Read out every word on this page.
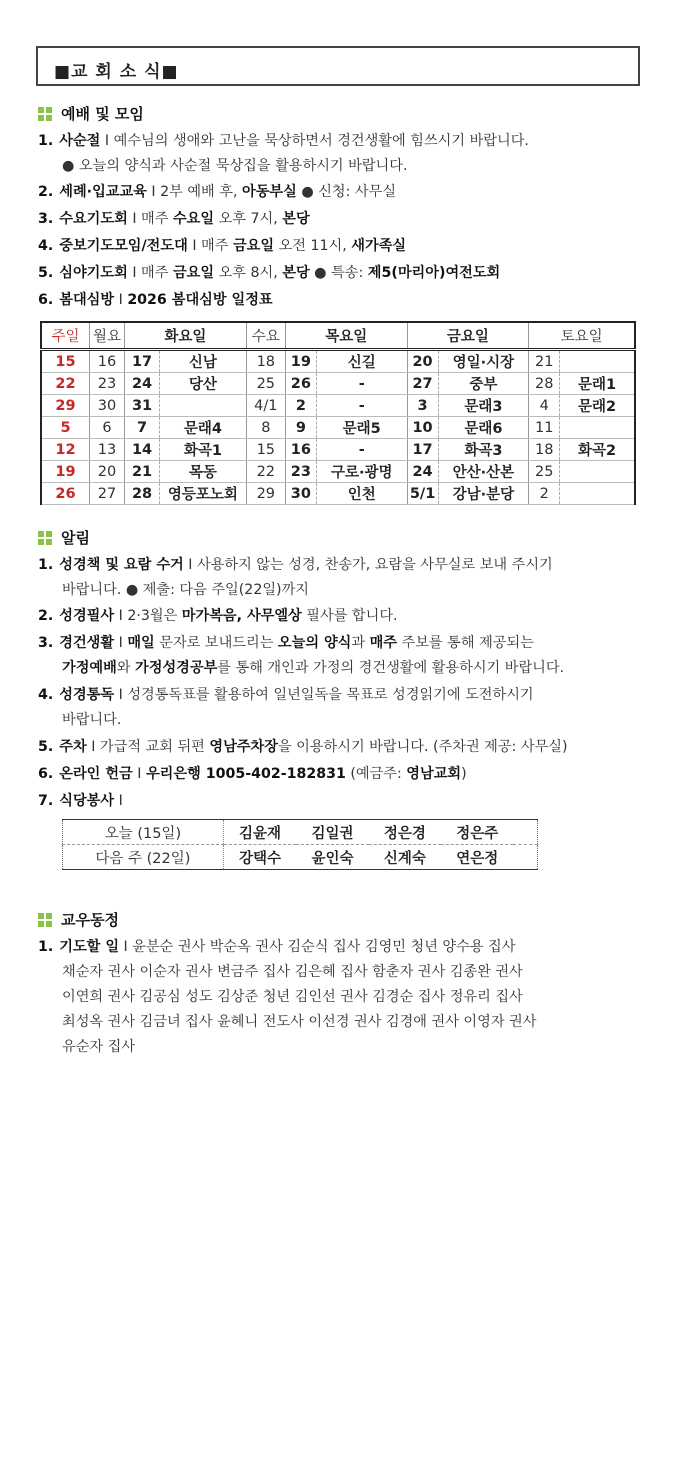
■교 회 소 식■
예배 및 모임
1. 사순절 I 예수님의 생애와 고난을 묵상하면서 경건생활에 힘쓰시기 바랍니다.
● 오늘의 양식과 사순절 묵상집을 활용하시기 바랍니다.
2. 세례·입교교육 I 2부 예배 후, 아동부실 ● 신청: 사무실
3. 수요기도회 I 매주 수요일 오후 7시, 본당
4. 중보기도모임/전도대 I 매주 금요일 오전 11시, 새가족실
5. 심야기도회 I 매주 금요일 오후 8시, 본당 ● 특송: 제5(마리아)여전도회
6. 봄대심방 I 2026 봄대심방 일정표
주일	월요	화요일		수요	목요일		금요일		토요일	
15	16	17	신남	18	19	신길	20	영일·시장	21	
22	23	24	당산	25	26	-	27	중부	28	문래1
29	30	31		4/1	2	-	3	문래3	4	문래2
5	6	7	문래4	8	9	문래5	10	문래6	11	
12	13	14	화곡1	15	16	-	17	화곡3	18	화곡2
19	20	21	목동	22	23	구로·광명	24	안산·산본	25	
26	27	28	영등포노회	29	30	인천	5/1	강남·분당	2	
알림
1. 성경책 및 요람 수거 I 사용하지 않는 성경, 찬송가, 요람을 사무실로 보내 주시기
바랍니다. ● 제출: 다음 주일(22일)까지
2. 성경필사 I 2·3월은 마가복음, 사무엘상 필사를 합니다.
3. 경건생활 I 매일 문자로 보내드리는 오늘의 양식과 매주 주보를 통해 제공되는
가정예배와 가정성경공부를 통해 개인과 가정의 경건생활에 활용하시기 바랍니다.
4. 성경통독 I 성경통독표를 활용하여 일년일독을 목표로 성경읽기에 도전하시기
바랍니다.
5. 주차 I 가급적 교회 뒤편 영남주차장을 이용하시기 바랍니다. (주차권 제공: 사무실)
6. 온라인 헌금 I 우리은행 1005-402-182831 (예금주: 영남교회)
7. 식당봉사 I
오늘 (15일)	김윤재	김일권	정은경	정은주	
다음 주 (22일)	강택수	윤인숙	신계숙	연은정	
교우동정
1. 기도할 일 I 윤분순 권사 박순옥 권사 김순식 집사 김영민 청년 양수용 집사
채순자 권사 이순자 권사 변금주 집사 김은혜 집사 함춘자 권사 김종완 권사
이연희 권사 김공심 성도 김상준 청년 김인선 권사 김경순 집사 정유리 집사
최성옥 권사 김금녀 집사 윤혜니 전도사 이선경 권사 김경애 권사 이영자 권사
유순자 집사
